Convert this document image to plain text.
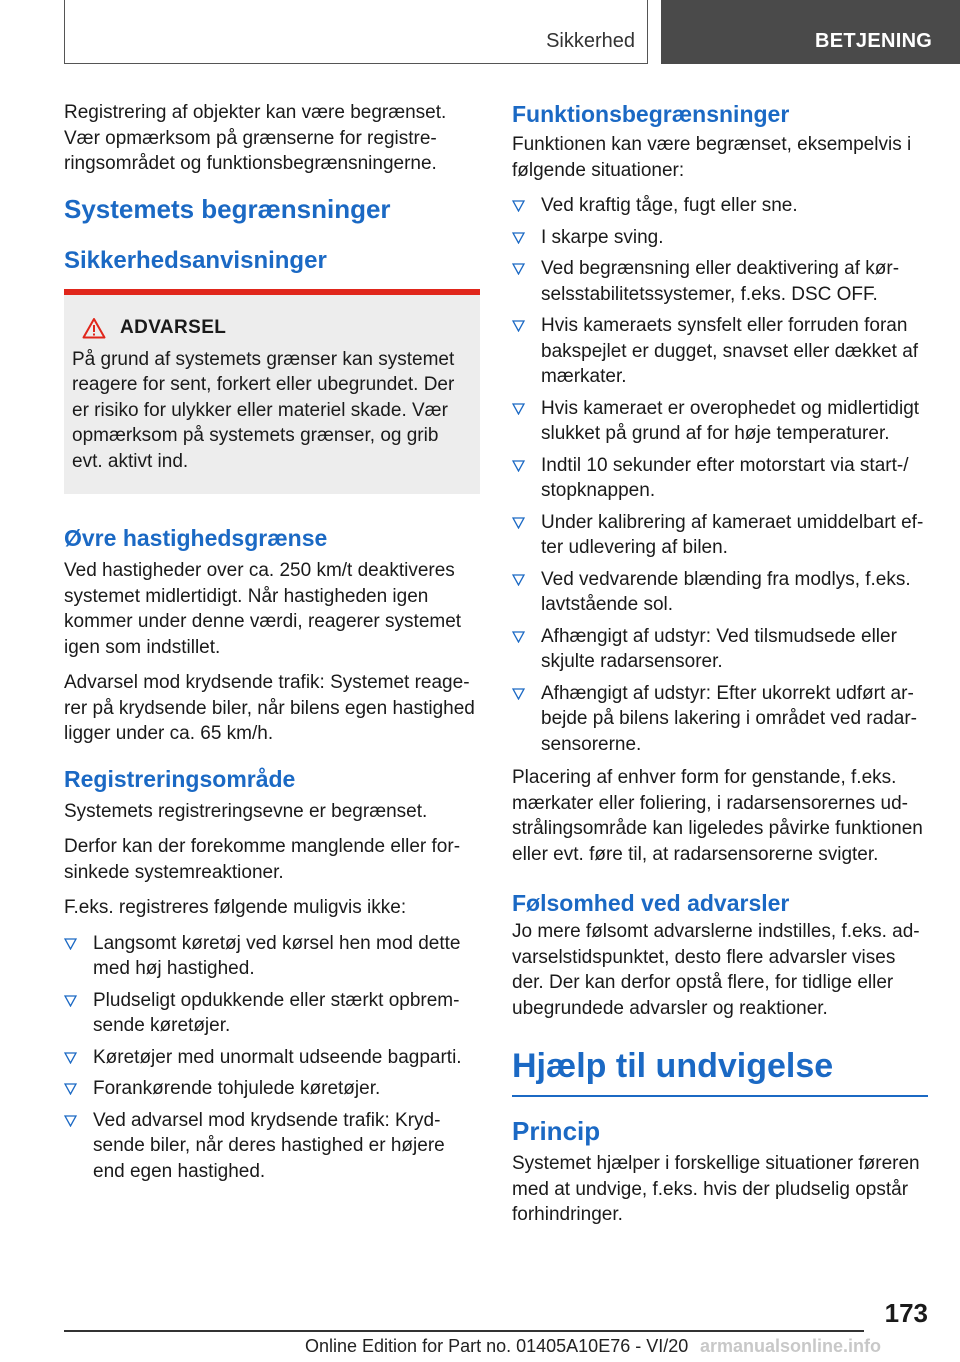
Sikkerhed	BETJENING

Registrering af objekter kan være begrænset. Vær opmærksom på grænserne for registreringsområdet og funktionsbegrænsningerne.

Systemets begrænsninger
Sikkerhedsanvisninger
ADVARSEL

På grund af systemets grænser kan systemet reagere for sent, forkert eller ubegrundet. Der er risiko for ulykker eller materiel skade. Vær opmærksom på systemets grænser, og grib evt. aktivt ind.

Øvre hastighedsgrænse

Ved hastigheder over ca. 250 km/t deaktiveres systemet midlertidigt. Når hastigheden igen kommer under denne værdi, reagerer systemet igen som indstillet.

Advarsel mod krydsende trafik: Systemet reagerer på krydsende biler, når bilens egen hastighed ligger under ca. 65 km/h.

Registreringsområde

Systemets registreringsevne er begrænset.

Derfor kan der forekomme manglende eller forsinkede systemreaktioner.

F.eks. registreres følgende muligvis ikke:

Langsomt køretøj ved kørsel hen mod dette med høj hastighed.
Pludseligt opdukkende eller stærkt opbremsende køretøjer.
Køretøjer med unormalt udseende bagparti.
Forankørende tohjulede køretøjer.
Ved advarsel mod krydsende trafik: Krydsende biler, når deres hastighed er højere end egen hastighed.
Funktionsbegrænsninger

Funktionen kan være begrænset, eksempelvis i følgende situationer:

Ved kraftig tåge, fugt eller sne.
I skarpe sving.
Ved begrænsning eller deaktivering af kørselsstabilitetssystemer, f.eks. DSC OFF.
Hvis kameraets synsfelt eller forruden foran bakspejlet er dugget, snavset eller dækket af mærkater.
Hvis kameraet er overophedet og midlertidigt slukket på grund af for høje temperaturer.
Indtil 10 sekunder efter motorstart via start-/ stopknappen.
Under kalibrering af kameraet umiddelbart efter udlevering af bilen.
Ved vedvarende blænding fra modlys, f.eks. lavtstående sol.
Afhængigt af udstyr: Ved tilsmudsede eller skjulte radarsensorer.
Afhængigt af udstyr: Efter ukorrekt udført arbejde på bilens lakering i området ved radarsensorerne.

Placering af enhver form for genstande, f.eks. mærkater eller foliering, i radarsensorernes udstrålingsområde kan ligeledes påvirke funktionen eller evt. føre til, at radarsensorerne svigter.

Følsomhed ved advarsler

Jo mere følsomt advarslerne indstilles, f.eks. advarselstidspunktet, desto flere advarsler vises der. Der kan derfor opstå flere, for tidlige eller ubegrundede advarsler og reaktioner.

Hjælp til undvigelse
Princip

Systemet hjælper i forskellige situationer føreren med at undvige, f.eks. hvis der pludselig opstår forhindringer.

173
Online Edition for Part no. 01405A10E76 - VI/20 armanualsonline.info
